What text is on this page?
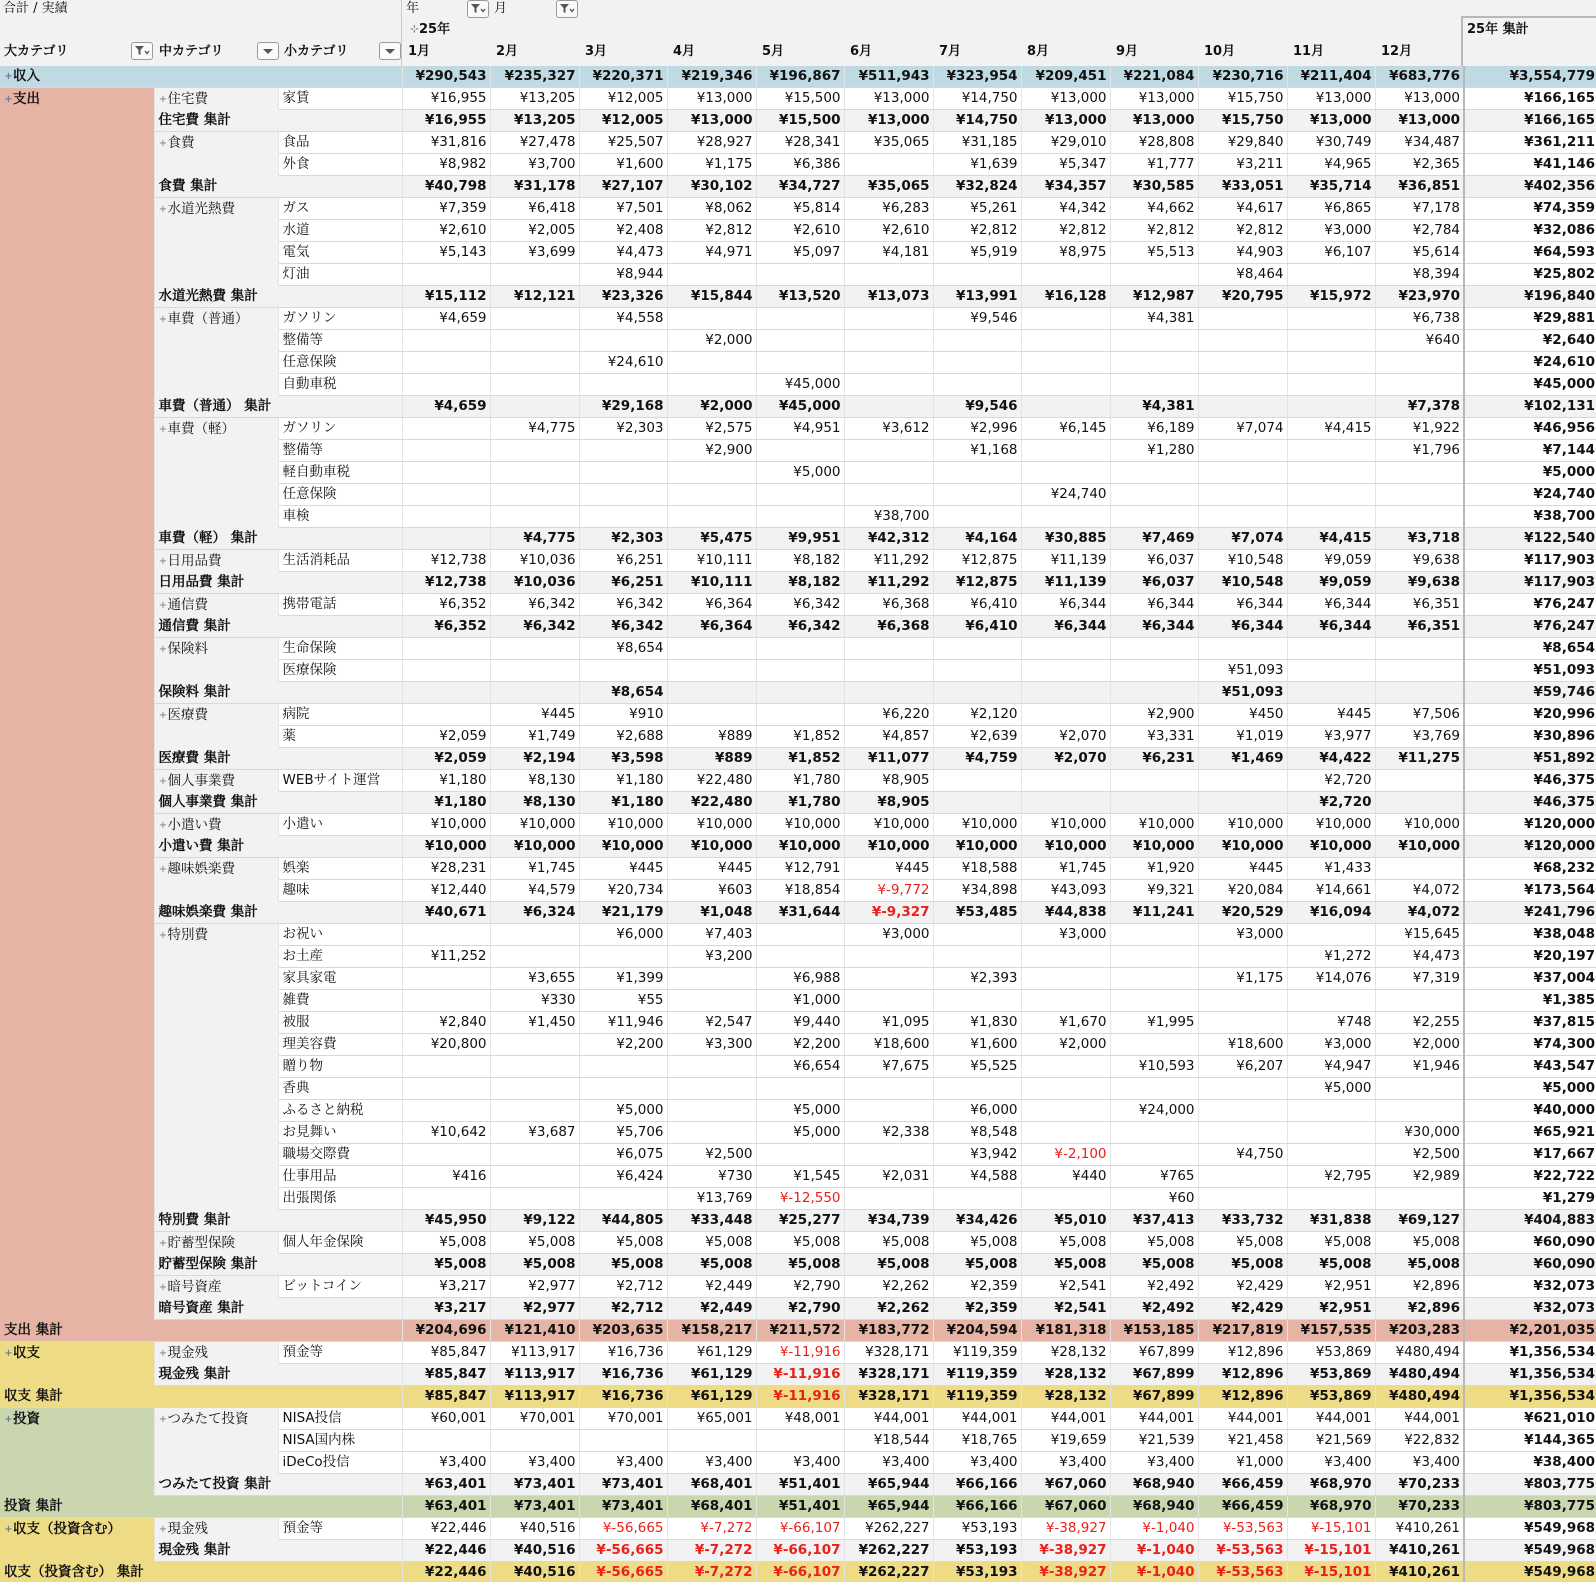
合計 / 実績	年	月
⊹25年	25年 集計
大カテゴリ	中カテゴリ	小カテゴリ	1月	2月	3月	4月	5月	6月	7月	8月	9月	10月	11月	12月
+収入			¥290,543	¥235,327	¥220,371	¥219,346	¥196,867	¥511,943	¥323,954	¥209,451	¥221,084	¥230,716	¥211,404	¥683,776	¥3,554,779
+支出	+住宅費	家賃	¥16,955	¥13,205	¥12,005	¥13,000	¥15,500	¥13,000	¥14,750	¥13,000	¥13,000	¥15,750	¥13,000	¥13,000	¥166,165
	住宅費 集計		¥16,955	¥13,205	¥12,005	¥13,000	¥15,500	¥13,000	¥14,750	¥13,000	¥13,000	¥15,750	¥13,000	¥13,000	¥166,165
	+食費	食品	¥31,816	¥27,478	¥25,507	¥28,927	¥28,341	¥35,065	¥31,185	¥29,010	¥28,808	¥29,840	¥30,749	¥34,487	¥361,211
		外食	¥8,982	¥3,700	¥1,600	¥1,175	¥6,386		¥1,639	¥5,347	¥1,777	¥3,211	¥4,965	¥2,365	¥41,146
	食費 集計		¥40,798	¥31,178	¥27,107	¥30,102	¥34,727	¥35,065	¥32,824	¥34,357	¥30,585	¥33,051	¥35,714	¥36,851	¥402,356
	+水道光熱費	ガス	¥7,359	¥6,418	¥7,501	¥8,062	¥5,814	¥6,283	¥5,261	¥4,342	¥4,662	¥4,617	¥6,865	¥7,178	¥74,359
		水道	¥2,610	¥2,005	¥2,408	¥2,812	¥2,610	¥2,610	¥2,812	¥2,812	¥2,812	¥2,812	¥3,000	¥2,784	¥32,086
		電気	¥5,143	¥3,699	¥4,473	¥4,971	¥5,097	¥4,181	¥5,919	¥8,975	¥5,513	¥4,903	¥6,107	¥5,614	¥64,593
		灯油			¥8,944							¥8,464		¥8,394	¥25,802
	水道光熱費 集計		¥15,112	¥12,121	¥23,326	¥15,844	¥13,520	¥13,073	¥13,991	¥16,128	¥12,987	¥20,795	¥15,972	¥23,970	¥196,840
	+車費（普通）	ガソリン	¥4,659		¥4,558				¥9,546		¥4,381			¥6,738	¥29,881
		整備等				¥2,000								¥640	¥2,640
		任意保険			¥24,610										¥24,610
		自動車税					¥45,000								¥45,000
	車費（普通） 集計		¥4,659		¥29,168	¥2,000	¥45,000		¥9,546		¥4,381			¥7,378	¥102,131
	+車費（軽）	ガソリン		¥4,775	¥2,303	¥2,575	¥4,951	¥3,612	¥2,996	¥6,145	¥6,189	¥7,074	¥4,415	¥1,922	¥46,956
		整備等				¥2,900			¥1,168		¥1,280			¥1,796	¥7,144
		軽自動車税					¥5,000								¥5,000
		任意保険								¥24,740					¥24,740
		車検						¥38,700							¥38,700
	車費（軽） 集計			¥4,775	¥2,303	¥5,475	¥9,951	¥42,312	¥4,164	¥30,885	¥7,469	¥7,074	¥4,415	¥3,718	¥122,540
	+日用品費	生活消耗品	¥12,738	¥10,036	¥6,251	¥10,111	¥8,182	¥11,292	¥12,875	¥11,139	¥6,037	¥10,548	¥9,059	¥9,638	¥117,903
	日用品費 集計		¥12,738	¥10,036	¥6,251	¥10,111	¥8,182	¥11,292	¥12,875	¥11,139	¥6,037	¥10,548	¥9,059	¥9,638	¥117,903
	+通信費	携帯電話	¥6,352	¥6,342	¥6,342	¥6,364	¥6,342	¥6,368	¥6,410	¥6,344	¥6,344	¥6,344	¥6,344	¥6,351	¥76,247
	通信費 集計		¥6,352	¥6,342	¥6,342	¥6,364	¥6,342	¥6,368	¥6,410	¥6,344	¥6,344	¥6,344	¥6,344	¥6,351	¥76,247
	+保険料	生命保険			¥8,654										¥8,654
		医療保険										¥51,093			¥51,093
	保険料 集計				¥8,654							¥51,093			¥59,746
	+医療費	病院		¥445	¥910			¥6,220	¥2,120		¥2,900	¥450	¥445	¥7,506	¥20,996
		薬	¥2,059	¥1,749	¥2,688	¥889	¥1,852	¥4,857	¥2,639	¥2,070	¥3,331	¥1,019	¥3,977	¥3,769	¥30,896
	医療費 集計		¥2,059	¥2,194	¥3,598	¥889	¥1,852	¥11,077	¥4,759	¥2,070	¥6,231	¥1,469	¥4,422	¥11,275	¥51,892
	+個人事業費	WEBサイト運営	¥1,180	¥8,130	¥1,180	¥22,480	¥1,780	¥8,905					¥2,720		¥46,375
	個人事業費 集計		¥1,180	¥8,130	¥1,180	¥22,480	¥1,780	¥8,905					¥2,720		¥46,375
	+小遣い費	小遣い	¥10,000	¥10,000	¥10,000	¥10,000	¥10,000	¥10,000	¥10,000	¥10,000	¥10,000	¥10,000	¥10,000	¥10,000	¥120,000
	小遣い費 集計		¥10,000	¥10,000	¥10,000	¥10,000	¥10,000	¥10,000	¥10,000	¥10,000	¥10,000	¥10,000	¥10,000	¥10,000	¥120,000
	+趣味娯楽費	娯楽	¥28,231	¥1,745	¥445	¥445	¥12,791	¥445	¥18,588	¥1,745	¥1,920	¥445	¥1,433		¥68,232
		趣味	¥12,440	¥4,579	¥20,734	¥603	¥18,854	¥-9,772	¥34,898	¥43,093	¥9,321	¥20,084	¥14,661	¥4,072	¥173,564
	趣味娯楽費 集計		¥40,671	¥6,324	¥21,179	¥1,048	¥31,644	¥-9,327	¥53,485	¥44,838	¥11,241	¥20,529	¥16,094	¥4,072	¥241,796
	+特別費	お祝い			¥6,000	¥7,403		¥3,000		¥3,000		¥3,000		¥15,645	¥38,048
		お土産	¥11,252			¥3,200							¥1,272	¥4,473	¥20,197
		家具家電		¥3,655	¥1,399		¥6,988		¥2,393			¥1,175	¥14,076	¥7,319	¥37,004
		雑費		¥330	¥55		¥1,000								¥1,385
		被服	¥2,840	¥1,450	¥11,946	¥2,547	¥9,440	¥1,095	¥1,830	¥1,670	¥1,995		¥748	¥2,255	¥37,815
		理美容費	¥20,800		¥2,200	¥3,300	¥2,200	¥18,600	¥1,600	¥2,000		¥18,600	¥3,000	¥2,000	¥74,300
		贈り物					¥6,654	¥7,675	¥5,525		¥10,593	¥6,207	¥4,947	¥1,946	¥43,547
		香典											¥5,000		¥5,000
		ふるさと納税			¥5,000		¥5,000		¥6,000		¥24,000				¥40,000
		お見舞い	¥10,642	¥3,687	¥5,706		¥5,000	¥2,338	¥8,548					¥30,000	¥65,921
		職場交際費			¥6,075	¥2,500			¥3,942	¥-2,100		¥4,750		¥2,500	¥17,667
		仕事用品	¥416		¥6,424	¥730	¥1,545	¥2,031	¥4,588	¥440	¥765		¥2,795	¥2,989	¥22,722
		出張関係				¥13,769	¥-12,550				¥60				¥1,279
	特別費 集計		¥45,950	¥9,122	¥44,805	¥33,448	¥25,277	¥34,739	¥34,426	¥5,010	¥37,413	¥33,732	¥31,838	¥69,127	¥404,883
	+貯蓄型保険	個人年金保険	¥5,008	¥5,008	¥5,008	¥5,008	¥5,008	¥5,008	¥5,008	¥5,008	¥5,008	¥5,008	¥5,008	¥5,008	¥60,090
	貯蓄型保険 集計		¥5,008	¥5,008	¥5,008	¥5,008	¥5,008	¥5,008	¥5,008	¥5,008	¥5,008	¥5,008	¥5,008	¥5,008	¥60,090
	+暗号資産	ビットコイン	¥3,217	¥2,977	¥2,712	¥2,449	¥2,790	¥2,262	¥2,359	¥2,541	¥2,492	¥2,429	¥2,951	¥2,896	¥32,073
	暗号資産 集計		¥3,217	¥2,977	¥2,712	¥2,449	¥2,790	¥2,262	¥2,359	¥2,541	¥2,492	¥2,429	¥2,951	¥2,896	¥32,073
支出 集計			¥204,696	¥121,410	¥203,635	¥158,217	¥211,572	¥183,772	¥204,594	¥181,318	¥153,185	¥217,819	¥157,535	¥203,283	¥2,201,035
+収支	+現金残	預金等	¥85,847	¥113,917	¥16,736	¥61,129	¥-11,916	¥328,171	¥119,359	¥28,132	¥67,899	¥12,896	¥53,869	¥480,494	¥1,356,534
	現金残 集計		¥85,847	¥113,917	¥16,736	¥61,129	¥-11,916	¥328,171	¥119,359	¥28,132	¥67,899	¥12,896	¥53,869	¥480,494	¥1,356,534
収支 集計			¥85,847	¥113,917	¥16,736	¥61,129	¥-11,916	¥328,171	¥119,359	¥28,132	¥67,899	¥12,896	¥53,869	¥480,494	¥1,356,534
+投資	+つみたて投資	NISA投信	¥60,001	¥70,001	¥70,001	¥65,001	¥48,001	¥44,001	¥44,001	¥44,001	¥44,001	¥44,001	¥44,001	¥44,001	¥621,010
		NISA国内株						¥18,544	¥18,765	¥19,659	¥21,539	¥21,458	¥21,569	¥22,832	¥144,365
		iDeCo投信	¥3,400	¥3,400	¥3,400	¥3,400	¥3,400	¥3,400	¥3,400	¥3,400	¥3,400	¥1,000	¥3,400	¥3,400	¥38,400
	つみたて投資 集計		¥63,401	¥73,401	¥73,401	¥68,401	¥51,401	¥65,944	¥66,166	¥67,060	¥68,940	¥66,459	¥68,970	¥70,233	¥803,775
投資 集計			¥63,401	¥73,401	¥73,401	¥68,401	¥51,401	¥65,944	¥66,166	¥67,060	¥68,940	¥66,459	¥68,970	¥70,233	¥803,775
+収支（投資含む）	+現金残	預金等	¥22,446	¥40,516	¥-56,665	¥-7,272	¥-66,107	¥262,227	¥53,193	¥-38,927	¥-1,040	¥-53,563	¥-15,101	¥410,261	¥549,968
	現金残 集計		¥22,446	¥40,516	¥-56,665	¥-7,272	¥-66,107	¥262,227	¥53,193	¥-38,927	¥-1,040	¥-53,563	¥-15,101	¥410,261	¥549,968
収支（投資含む） 集計			¥22,446	¥40,516	¥-56,665	¥-7,272	¥-66,107	¥262,227	¥53,193	¥-38,927	¥-1,040	¥-53,563	¥-15,101	¥410,261	¥549,968
